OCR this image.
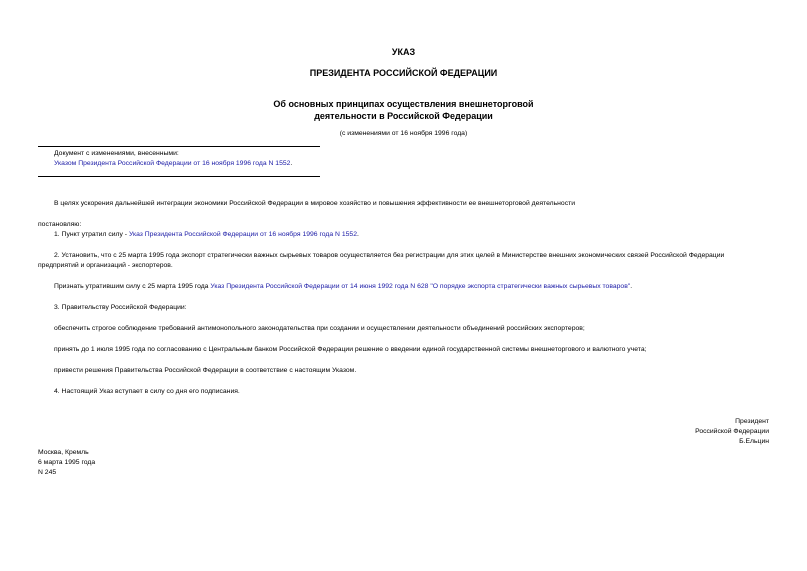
УКАЗ
ПРЕЗИДЕНТА РОССИЙСКОЙ ФЕДЕРАЦИИ
Об основных принципах осуществления внешнеторговой
деятельности в Российской Федерации
(с изменениями от 16 ноября 1996 года)
Документ с изменениями, внесенными:
Указом Президента Российской Федерации от 16 ноября 1996 года N 1552.
В целях ускорения дальнейшей интеграции экономики Российской Федерации в мировое хозяйство и повышения эффективности ее внешнеторговой деятельности
постановляю:
1. Пункт утратил силу - Указ Президента Российской Федерации от 16 ноября 1996 года N 1552.
2. Установить, что с 25 марта 1995 года экспорт стратегически важных сырьевых товаров осуществляется без регистрации для этих целей в Министерстве внешних экономических связей Российской Федерации
предприятий и организаций - экспортеров.
Признать утратившим силу с 25 марта 1995 года Указ Президента Российской Федерации от 14 июня 1992 года N 628 "О порядке экспорта стратегически важных сырьевых товаров".
3. Правительству Российской Федерации:
обеспечить строгое соблюдение требований антимонопольного законодательства при создании и осуществлении деятельности объединений российских экспортеров;
принять до 1 июля 1995 года по согласованию с Центральным банком Российской Федерации решение о введении единой государственной системы внешнеторгового и валютного учета;
привести решения Правительства Российской Федерации в соответствие с настоящим Указом.
4. Настоящий Указ вступает в силу со дня его подписания.
Президент
Российской Федерации
Б.Ельцин
Москва, Кремль
6 марта 1995 года
N 245
